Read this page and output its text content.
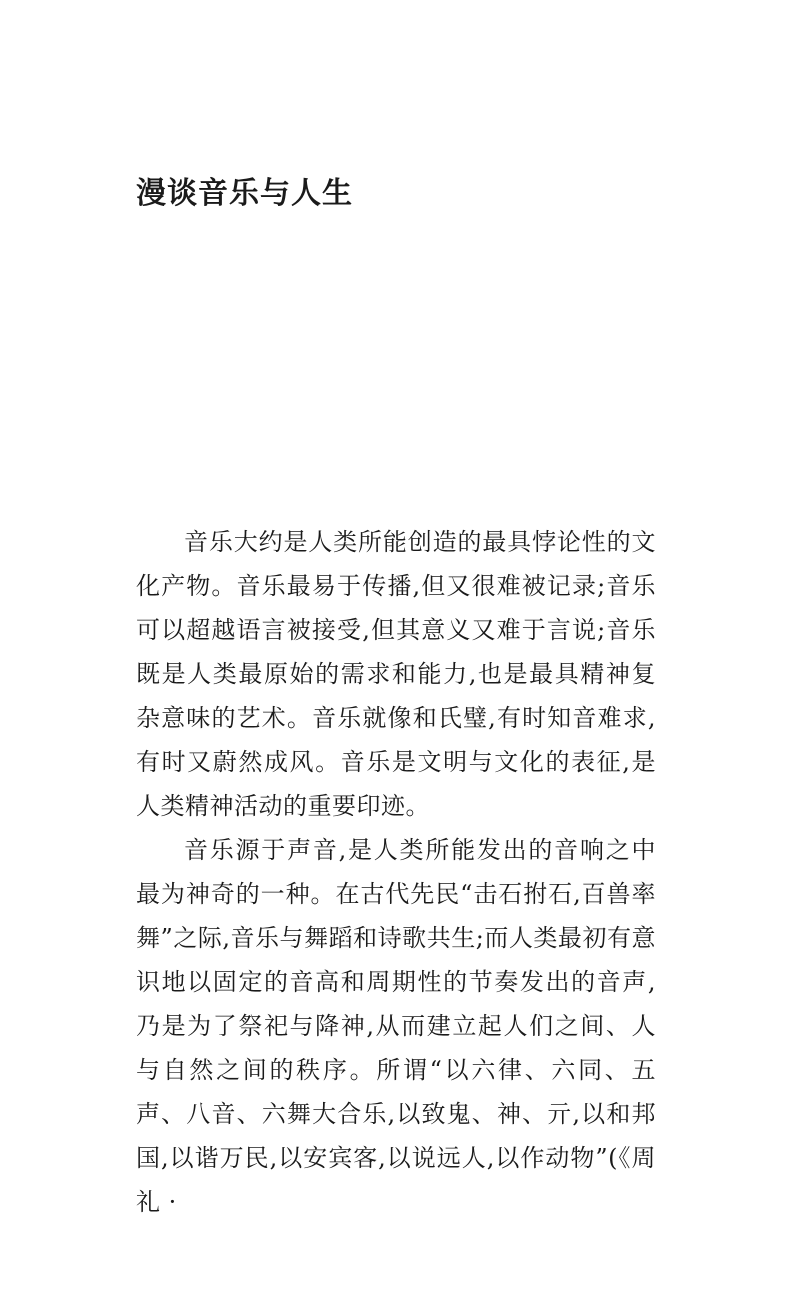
漫谈音乐与人生

音乐大约是人类所能创造的最具悖论性的文化产物。音乐最易于传播,但又很难被记录;音乐可以超越语言被接受,但其意义又难于言说;音乐既是人类最原始的需求和能力,也是最具精神复杂意味的艺术。音乐就像和氏璧,有时知音难求,有时又蔚然成风。音乐是文明与文化的表征,是人类精神活动的重要印迹。

音乐源于声音,是人类所能发出的音响之中最为神奇的一种。在古代先民“击石拊石,百兽率舞”之际,音乐与舞蹈和诗歌共生;而人类最初有意识地以固定的音高和周期性的节奏发出的音声,乃是为了祭祀与降神,从而建立起人们之间、人与自然之间的秩序。所谓“以六律、六同、五声、八音、六舞大合乐,以致鬼、神、亓,以和邦国,以谐万民,以安宾客,以说远人,以作动物”(《周礼 ·
